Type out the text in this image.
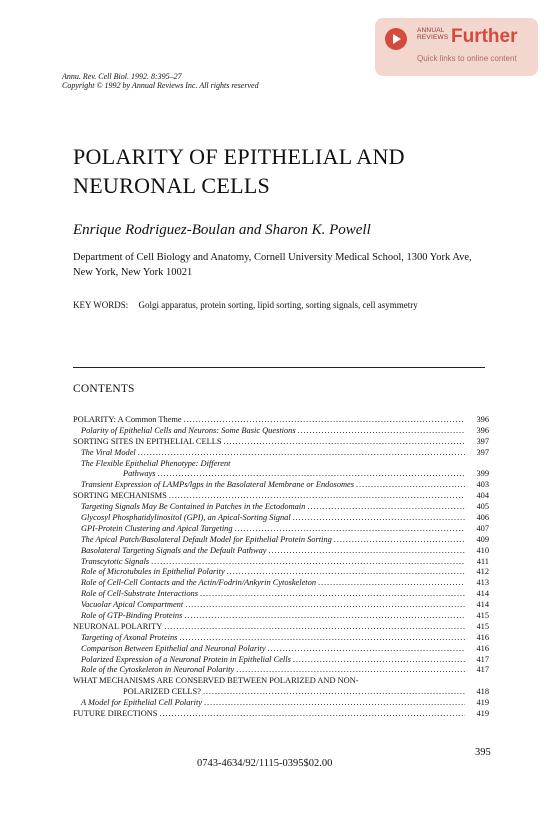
ANNUAL REVIEWS Further
Quick links to online content
Annu. Rev. Cell Biol. 1992. 8:395–27
Copyright © 1992 by Annual Reviews Inc. All rights reserved
POLARITY OF EPITHELIAL AND
NEURONAL CELLS
Enrique Rodriguez-Boulan and Sharon K. Powell
Department of Cell Biology and Anatomy, Cornell University Medical School, 1300 York Ave, New York, New York 10021
KEY WORDS: Golgi apparatus, protein sorting, lipid sorting, sorting signals, cell asymmetry
CONTENTS
POLARITY: A Common Theme . . .	396
Polarity of Epithelial Cells and Neurons: Some Basic Questions . . .	396
SORTING SITES IN EPITHELIAL CELLS . . .	397
The Viral Model . . .	397
The Flexible Epithelial Phenotype: Different
Pathways . . .	399
Transient Expression of LAMPs/lgps in the Basolateral Membrane or Endosomes . . .	403
SORTING MECHANISMS . . .	404
Targeting Signals May Be Contained in Patches in the Ectodomain . . .	405
Glycosyl Phosphatidylinositol (GPI), an Apical-Sorting Signal . . .	406
GPI-Protein Clustering and Apical Targeting . . .	407
The Apical Patch/Basolateral Default Model for Epithelial Protein Sorting . . .	409
Basolateral Targeting Signals and the Default Pathway . . .	410
Transcytotic Signals . . .	411
Role of Microtubules in Epithelial Polarity . . .	412
Role of Cell-Cell Contacts and the Actin/Fodrin/Ankyrin Cytoskeleton . . .	413
Role of Cell-Substrate Interactions . . .	414
Vacuolar Apical Compartment . . .	414
Role of GTP-Binding Proteins . . .	415
NEURONAL POLARITY . . .	415
Targeting of Axonal Proteins . . .	416
Comparison Between Epithelial and Neuronal Polarity . . .	416
Polarized Expression of a Neuronal Protein in Epithelial Cells . . .	417
Role of the Cytoskeleton in Neuronal Polarity . . .	417
WHAT MECHANISMS ARE CONSERVED BETWEEN POLARIZED AND NON-
POLARIZED CELLS? . . .	418
A Model for Epithelial Cell Polarity . . .	419
FUTURE DIRECTIONS . . .	419
395
0743-4634/92/1115-0395$02.00
